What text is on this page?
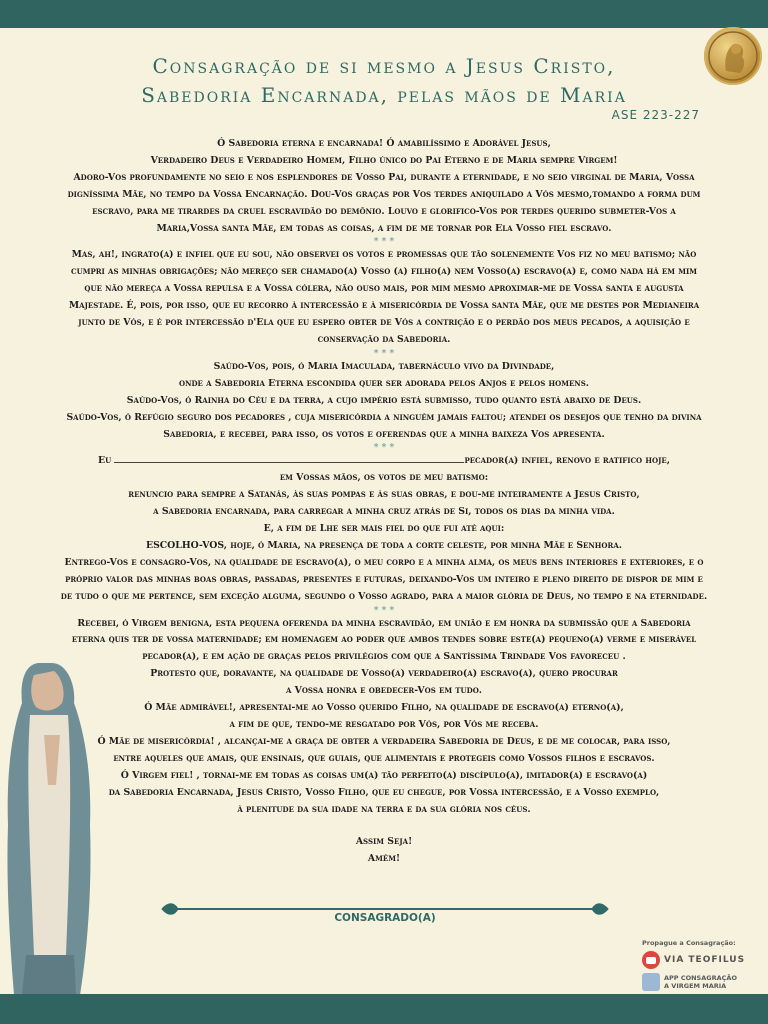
Consagração de si mesmo a Jesus Cristo,
Sabedoria Encarnada, pelas mãos de Maria
ASE 223-227

Ó Sabedoria eterna e encarnada! Ó amabilíssimo e Adorável Jesus,

Verdadeiro Deus e Verdadeiro Homem, Filho único do Pai Eterno e de Maria sempre Virgem!

Adoro-Vos profundamente no seio e nos esplendores de Vosso Pai, durante a eternidade, e no seio virginal de Maria, Vossa

digníssima Mãe, no tempo da Vossa Encarnação. Dou-Vos graças por Vos terdes aniquilado a Vós mesmo,tomando a forma dum

escravo, para me tirardes da cruel escravidão do demônio. Louvo e glorifico-Vos por terdes querido submeter-Vos a

Maria,Vossa santa Mãe, em todas as coisas, a fim de me tornar por Ela Vosso fiel escravo.

* * *

Mas, ah!, ingrato(a) e infiel que eu sou, não observei os votos e promessas que tão solenemente Vos fiz no meu batismo; não

cumpri as minhas obrigações; não mereço ser chamado(a) Vosso (a) filho(a) nem Vosso(a) escravo(a) e, como nada há em mim

que não mereça a Vossa repulsa e a Vossa cólera, não ouso mais, por mim mesmo aproximar-me de Vossa santa e augusta

Majestade. É, pois, por isso, que eu recorro à intercessão e à misericórdia de Vossa santa Mãe, que me destes por Medianeira

junto de Vós, e é por intercessão d'Ela que eu espero obter de Vós a contrição e o perdão dos meus pecados, a aquisição e

conservação da Sabedoria.

* * *

Saúdo-Vos, pois, ó Maria Imaculada, tabernáculo vivo da Divindade,

onde a Sabedoria Eterna escondida quer ser adorada pelos Anjos e pelos homens.

Saúdo-Vos, ó Rainha do Céu e da terra, a cujo império está submisso, tudo quanto está abaixo de Deus.

Saúdo-Vos, ó Refúgio seguro dos pecadores , cuja misericórdia a ninguém jamais faltou; atendei os desejos que tenho da divina

Sabedoria, e recebei, para isso, os votos e oferendas que a minha baixeza Vos apresenta.

* * *

Eu	pecador(a) infiel, renovo e ratifico hoje,

em Vossas mãos, os votos de meu batismo:

renuncio para sempre a Satanás, às suas pompas e às suas obras, e dou-me inteiramente a Jesus Cristo,

a Sabedoria encarnada, para carregar a minha cruz atrás de Si, todos os dias da minha vida.

E, a fim de Lhe ser mais fiel do que fui até aqui:

ESCOLHO-VOS, hoje, ó Maria, na presença de toda a corte celeste, por minha Mãe e Senhora.

Entrego-Vos e consagro-Vos, na qualidade de escravo(a), o meu corpo e a minha alma, os meus bens interiores e exteriores, e o

próprio valor das minhas boas obras, passadas, presentes e futuras, deixando-Vos um inteiro e pleno direito de dispor de mim e

de tudo o que me pertence, sem exceção alguma, segundo o Vosso agrado, para a maior glória de Deus, no tempo e na eternidade.

* * *

Recebei, ó Virgem benigna, esta pequena oferenda da minha escravidão, em união e em honra da submissão que a Sabedoria

eterna quis ter de vossa maternidade; em homenagem ao poder que ambos tendes sobre este(a) pequeno(a) verme e miserável

pecador(a), e em ação de graças pelos privilégios com que a Santíssima Trindade Vos favoreceu .

Protesto que, doravante, na qualidade de Vosso(a) verdadeiro(a) escravo(a), quero procurar

a Vossa honra e obedecer-Vos em tudo.

Ó Mãe admirável!, apresentai-me ao Vosso querido Filho, na qualidade de escravo(a) eterno(a),

a fim de que, tendo-me resgatado por Vós, por Vós me receba.

Ó Mãe de misericórdia! , alcançai-me a graça de obter a verdadeira Sabedoria de Deus, e de me colocar, para isso,

entre aqueles que amais, que ensinais, que guiais, que alimentais e protegeis como Vossos filhos e escravos.

Ó Virgem fiel! , tornai-me em todas as coisas um(a) tão perfeito(a) discípulo(a), imitador(a) e escravo(a)

da Sabedoria Encarnada, Jesus Cristo, Vosso Filho, que eu chegue, por Vossa intercessão, e a Vosso exemplo,

à plenitude da sua idade na terra e da sua glória nos céus.

Assim Seja!

Amém!

CONSAGRADO(A)
Propague a Consagração:
VIA TEOFILUS
APP CONSAGRAÇÃO
A VIRGEM MARIA
